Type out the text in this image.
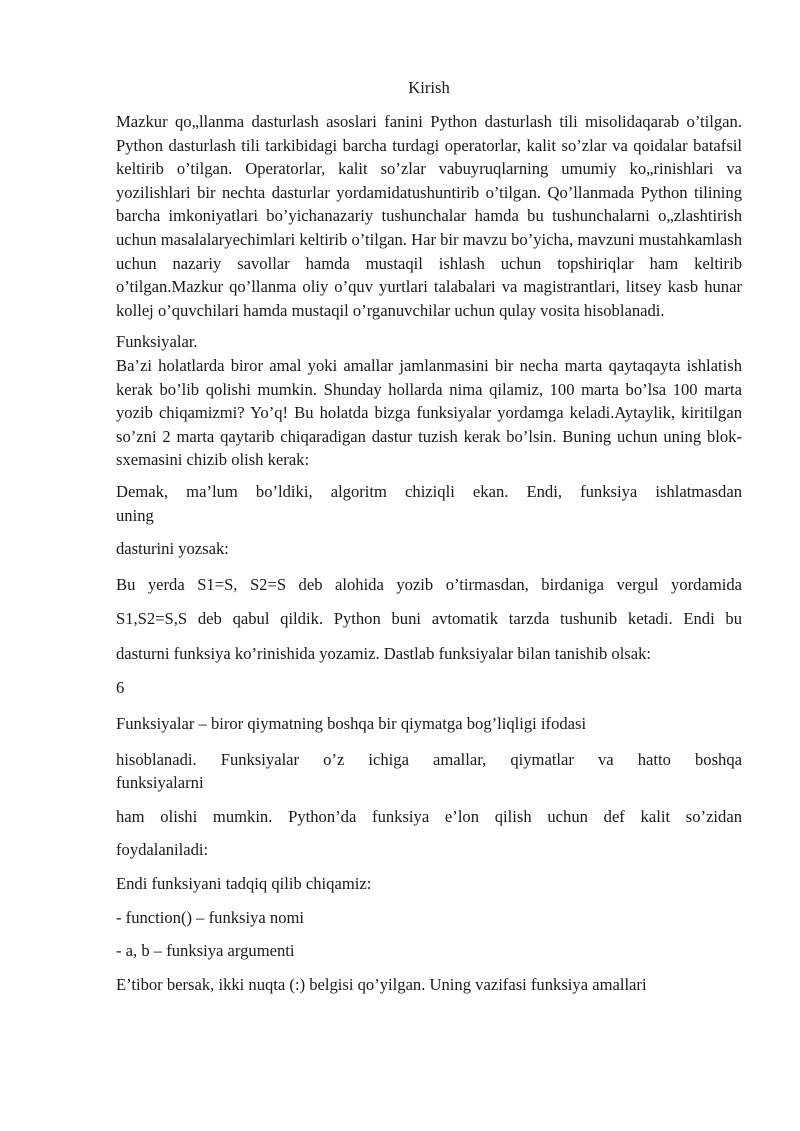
Kirish

Mazkur qo„llanma dasturlash asoslari fanini Python dasturlash tili misolidaqarab o’tilgan. Python dasturlash tili tarkibidagi barcha turdagi operatorlar, kalit so’zlar va qoidalar batafsil keltirib o’tilgan. Operatorlar, kalit so’zlar vabuyruqlarning umumiy ko„rinishlari va yozilishlari bir nechta dasturlar yordamidatushuntirib o’tilgan. Qo’llanmada Python tilining barcha imkoniyatlari bo’yichanazariy tushunchalar hamda bu tushunchalarni o„zlashtirish uchun masalalaryechimlari keltirib o’tilgan. Har bir mavzu bo’yicha, mavzuni mustahkamlash uchun nazariy savollar hamda mustaqil ishlash uchun topshiriqlar ham keltirib o’tilgan.Mazkur qo’llanma oliy o’quv yurtlari talabalari va magistrantlari, litsey kasb hunar kollej o’quvchilari hamda mustaqil o’rganuvchilar uchun qulay vosita hisoblanadi.

Funksiyalar.

Ba’zi holatlarda biror amal yoki amallar jamlanmasini bir necha marta qaytaqayta ishlatish kerak bo’lib qolishi mumkin. Shunday hollarda nima qilamiz, 100 marta bo’lsa 100 marta yozib chiqamizmi? Yo’q! Bu holatda bizga funksiyalar yordamga keladi.Aytaylik, kiritilgan so’zni 2 marta qaytarib chiqaradigan dastur tuzish kerak bo’lsin. Buning uchun uning blok-sxemasini chizib olish kerak:

Demak, ma’lum bo’ldiki, algoritm chiziqli ekan. Endi, funksiya ishlatmasdan

uning

dasturini yozsak:

Bu yerda S1=S, S2=S deb alohida yozib o’tirmasdan, birdaniga vergul yordamida

S1,S2=S,S deb qabul qildik. Python buni avtomatik tarzda tushunib ketadi. Endi bu

dasturni funksiya ko’rinishida yozamiz. Dastlab funksiyalar bilan tanishib olsak:

6

Funksiyalar – biror qiymatning boshqa bir qiymatga bog’liqligi ifodasi

hisoblanadi. Funksiyalar o’z ichiga amallar, qiymatlar va hatto boshqa

funksiyalarni

ham olishi mumkin. Python’da funksiya e’lon qilish uchun def kalit so’zidan

foydalaniladi:

Endi funksiyani tadqiq qilib chiqamiz:

- function() – funksiya nomi

- a, b – funksiya argumenti

E’tibor bersak, ikki nuqta (:) belgisi qo’yilgan. Uning vazifasi funksiya amallari
